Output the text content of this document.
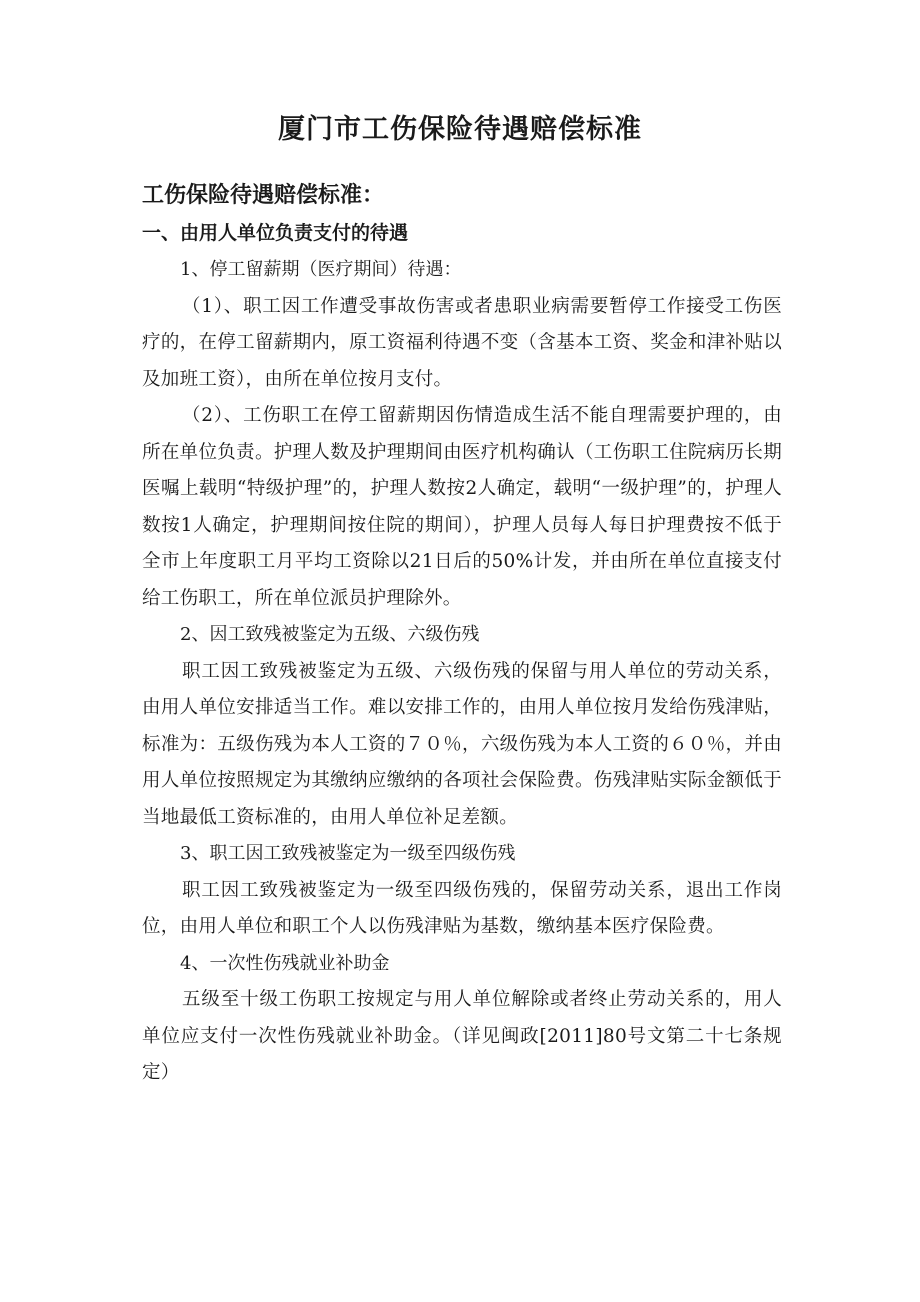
厦门市工伤保险待遇赔偿标准

工伤保险待遇赔偿标准：

一、由用人单位负责支付的待遇

1、停工留薪期（医疗期间）待遇：

（1）、职工因工作遭受事故伤害或者患职业病需要暂停工作接受工伤医疗的，在停工留薪期内，原工资福利待遇不变（含基本工资、奖金和津补贴以及加班工资），由所在单位按月支付。

（2）、工伤职工在停工留薪期因伤情造成生活不能自理需要护理的，由所在单位负责。护理人数及护理期间由医疗机构确认（工伤职工住院病历长期医嘱上载明“特级护理”的，护理人数按2人确定，载明“一级护理”的，护理人数按1人确定，护理期间按住院的期间），护理人员每人每日护理费按不低于全市上年度职工月平均工资除以21日后的50%计发，并由所在单位直接支付给工伤职工，所在单位派员护理除外。

2、因工致残被鉴定为五级、六级伤残

职工因工致残被鉴定为五级、六级伤残的保留与用人单位的劳动关系，由用人单位安排适当工作。难以安排工作的，由用人单位按月发给伤残津贴，标准为：五级伤残为本人工资的７０％，六级伤残为本人工资的６０％，并由用人单位按照规定为其缴纳应缴纳的各项社会保险费。伤残津贴实际金额低于当地最低工资标准的，由用人单位补足差额。

3、职工因工致残被鉴定为一级至四级伤残

职工因工致残被鉴定为一级至四级伤残的，保留劳动关系，退出工作岗位，由用人单位和职工个人以伤残津贴为基数，缴纳基本医疗保险费。

4、一次性伤残就业补助金

五级至十级工伤职工按规定与用人单位解除或者终止劳动关系的，用人单位应支付一次性伤残就业补助金。（详见闽政[2011]80号文第二十七条规定）
